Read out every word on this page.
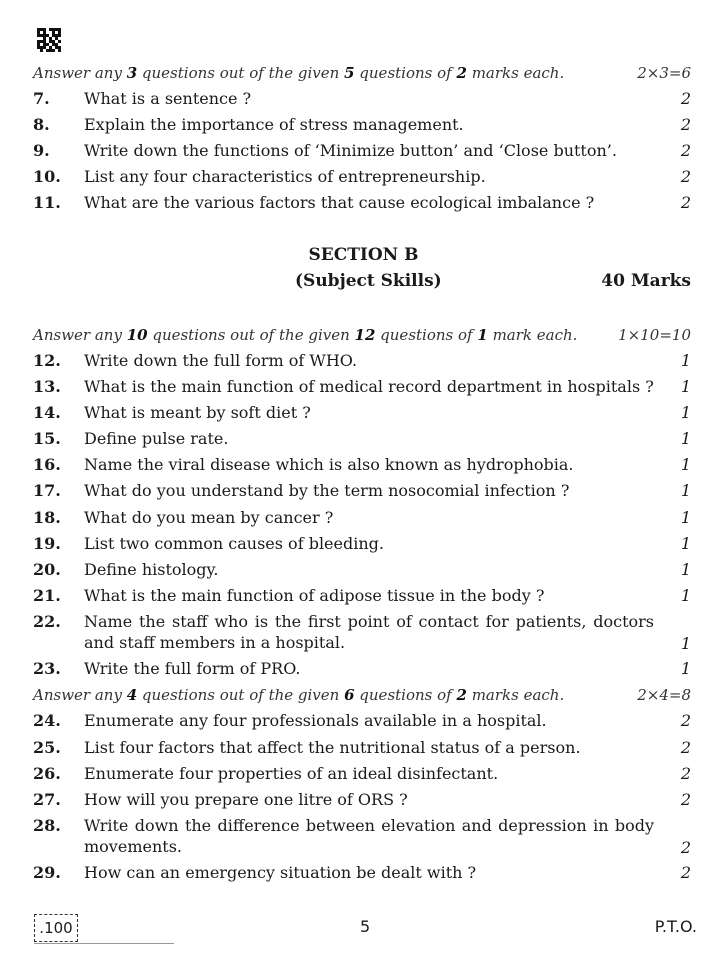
Answer any 3 questions out of the given 5 questions of 2 marks each.	2×3=6
7. What is a sentence ?	2
8. Explain the importance of stress management.	2
9. Write down the functions of ‘Minimize button’ and ‘Close button’.	2
10. List any four characteristics of entrepreneurship.	2
11. What are the various factors that cause ecological imbalance ?	2
SECTION B
(Subject Skills)	40 Marks
Answer any 10 questions out of the given 12 questions of 1 mark each.	1×10=10
12. Write down the full form of WHO.	1
13. What is the main function of medical record department in hospitals ? 1
14. What is meant by soft diet ?	1
15. Define pulse rate.	1
16. Name the viral disease which is also known as hydrophobia.	1
17. What do you understand by the term nosocomial infection ?	1
18. What do you mean by cancer ?	1
19. List two common causes of bleeding.	1
20. Define histology.	1
21. What is the main function of adipose tissue in the body ?	1
22. Name the staff who is the first point of contact for patients, doctors and staff members in a hospital.	1
23. Write the full form of PRO.	1
Answer any 4 questions out of the given 6 questions of 2 marks each.	2×4=8
24. Enumerate any four professionals available in a hospital.	2
25. List four factors that affect the nutritional status of a person.	2
26. Enumerate four properties of an ideal disinfectant.	2
27. How will you prepare one litre of ORS ?	2
28. Write down the difference between elevation and depression in body movements.	2
29. How can an emergency situation be dealt with ?	2
.100	5	P.T.O.
